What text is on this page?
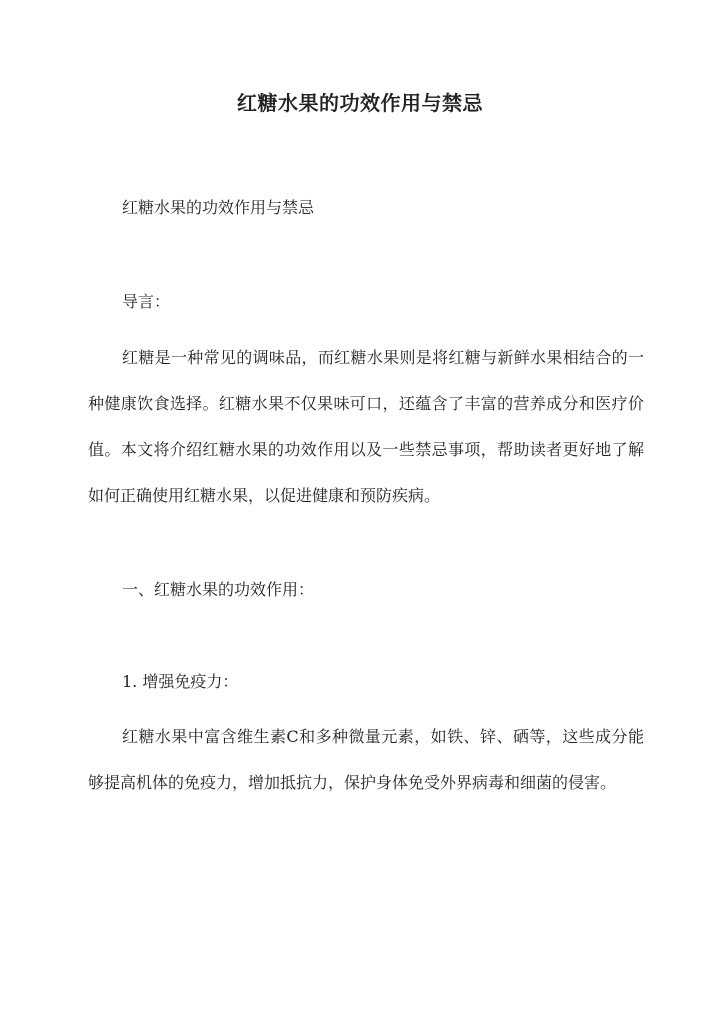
红糖水果的功效作用与禁忌
红糖水果的功效作用与禁忌
导言：

红糖是一种常见的调味品，而红糖水果则是将红糖与新鲜水果相结合的一种健康饮食选择。红糖水果不仅果味可口，还蕴含了丰富的营养成分和医疗价值。本文将介绍红糖水果的功效作用以及一些禁忌事项，帮助读者更好地了解如何正确使用红糖水果，以促进健康和预防疾病。

一、红糖水果的功效作用：
1. 增强免疫力：

红糖水果中富含维生素C和多种微量元素，如铁、锌、硒等，这些成分能够提高机体的免疫力，增加抵抗力，保护身体免受外界病毒和细菌的侵害。
